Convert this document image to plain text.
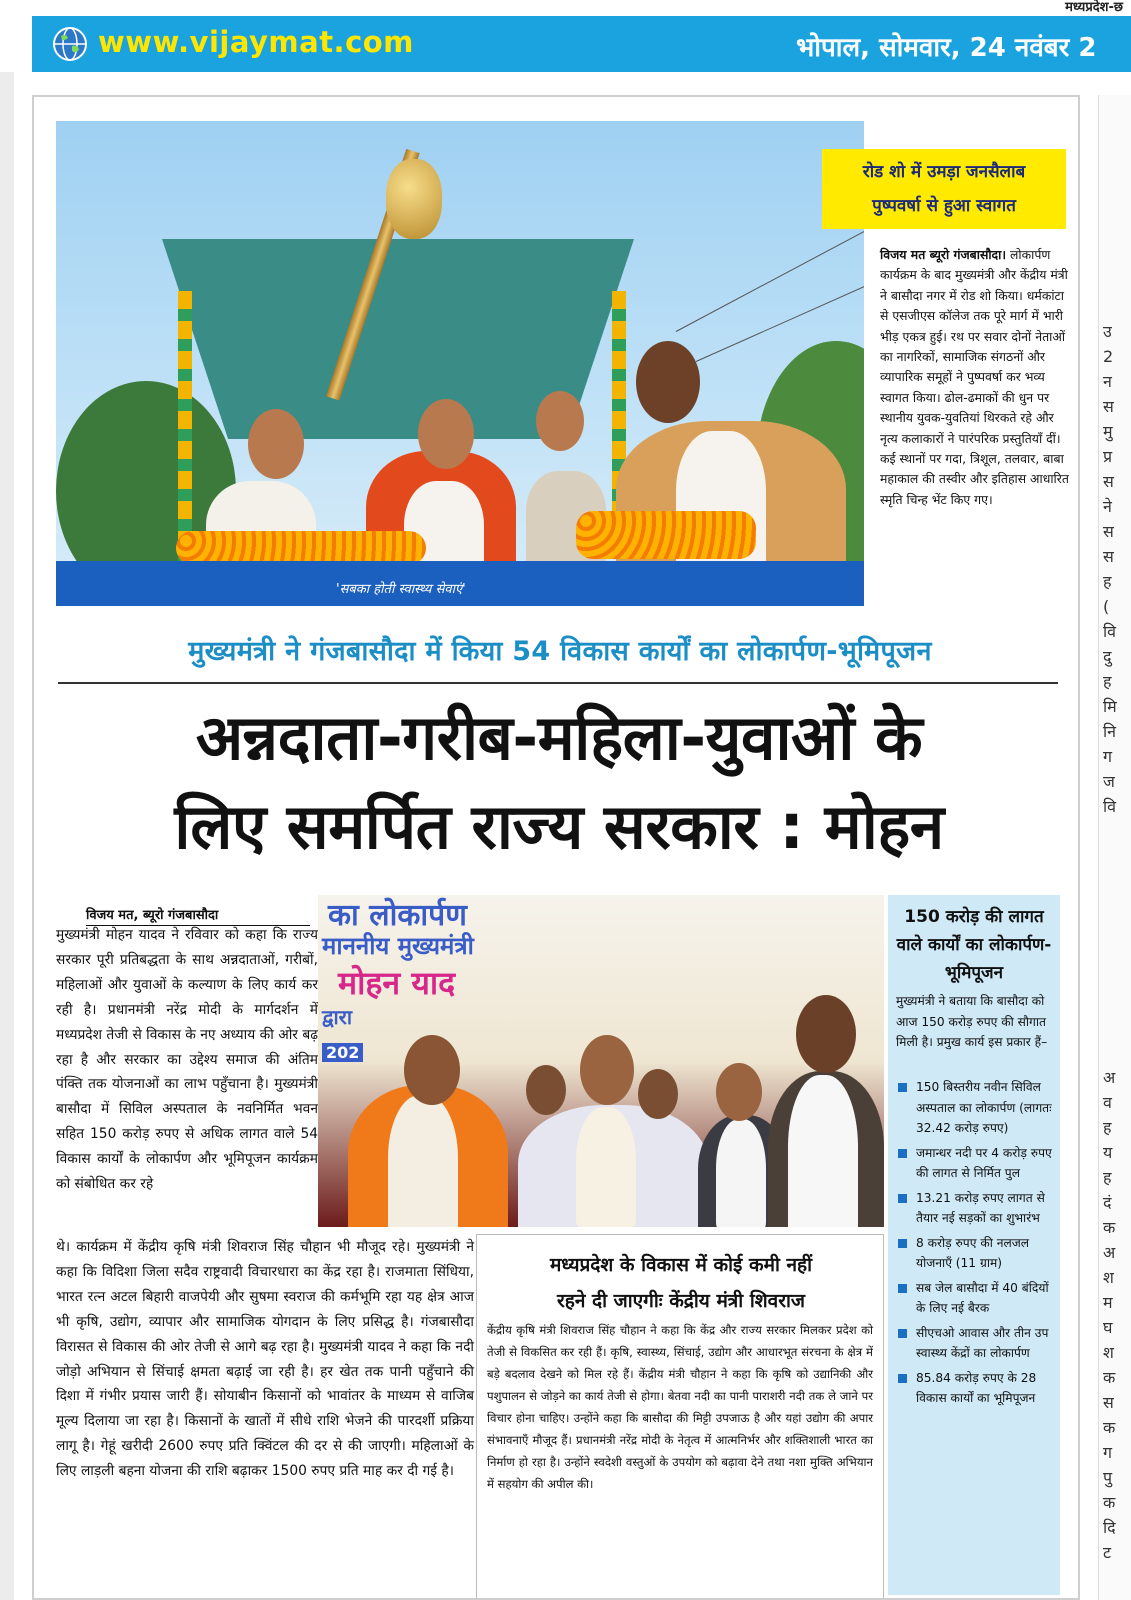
मध्यप्रदेश-छ
www.vijaymat.com	भोपाल, सोमवार, 24 नवंबर 2
उ
2
न
स
मु
प्र
स
ने
स
स
ह
(
वि
दु
ह
मि
नि
ग
ज
वि
अ
व
ह
य
ह
दं
क
अ
श
म
घ
श
क
स
क
ग
पु
क
दि
ट
'सबका होती स्वास्थ्य सेवाएं'
रोड शो में उमड़ा जनसैलाब
पुष्पवर्षा से हुआ स्वागत
विजय मत ब्यूरो गंजबासौदा। लोकार्पण कार्यक्रम के बाद मुख्यमंत्री और केंद्रीय मंत्री ने बासौदा नगर में रोड शो किया। धर्मकांटा से एसजीएस कॉलेज तक पूरे मार्ग में भारी भीड़ एकत्र हुई। रथ पर सवार दोनों नेताओं का नागरिकों, सामाजिक संगठनों और व्यापारिक समूहों ने पुष्पवर्षा कर भव्य स्वागत किया। ढोल-ढमाकों की धुन पर स्थानीय युवक-युवतियां थिरकते रहे और नृत्य कलाकारों ने पारंपरिक प्रस्तुतियाँ दीं। कई स्थानों पर गदा, त्रिशूल, तलवार, बाबा महाकाल की तस्वीर और इतिहास आधारित स्मृति चिन्ह भेंट किए गए।
मुख्यमंत्री ने गंजबासौदा में किया 54 विकास कार्यों का लोकार्पण-भूमिपूजन
अन्नदाता-गरीब-महिला-युवाओं के
लिए समर्पित राज्य सरकार : मोहन
विजय मत, ब्यूरो गंजबासौदा
मुख्यमंत्री मोहन यादव ने रविवार को कहा कि राज्य सरकार पूरी प्रतिबद्धता के साथ अन्नदाताओं, गरीबों, महिलाओं और युवाओं के कल्याण के लिए कार्य कर रही है। प्रधानमंत्री नरेंद्र मोदी के मार्गदर्शन में मध्यप्रदेश तेजी से विकास के नए अध्याय की ओर बढ़ रहा है और सरकार का उद्देश्य समाज की अंतिम पंक्ति तक योजनाओं का लाभ पहुँचाना है। मुख्यमंत्री बासौदा में सिविल अस्पताल के नवनिर्मित भवन सहित 150 करोड़ रुपए से अधिक लागत वाले 54 विकास कार्यों के लोकार्पण और भूमिपूजन कार्यक्रम को संबोधित कर रहे
थे। कार्यक्रम में केंद्रीय कृषि मंत्री शिवराज सिंह चौहान भी मौजूद रहे। मुख्यमंत्री ने कहा कि विदिशा जिला सदैव राष्ट्रवादी विचारधारा का केंद्र रहा है। राजमाता सिंधिया, भारत रत्न अटल बिहारी वाजपेयी और सुषमा स्वराज की कर्मभूमि रहा यह क्षेत्र आज भी कृषि, उद्योग, व्यापार और सामाजिक योगदान के लिए प्रसिद्ध है। गंजबासौदा विरासत से विकास की ओर तेजी से आगे बढ़ रहा है। मुख्यमंत्री यादव ने कहा कि नदी जोड़ो अभियान से सिंचाई क्षमता बढ़ाई जा रही है। हर खेत तक पानी पहुँचाने की दिशा में गंभीर प्रयास जारी हैं। सोयाबीन किसानों को भावांतर के माध्यम से वाजिब मूल्य दिलाया जा रहा है। किसानों के खातों में सीधे राशि भेजने की पारदर्शी प्रक्रिया लागू है। गेहूं खरीदी 2600 रुपए प्रति क्विंटल की दर से की जाएगी। महिलाओं के लिए लाड़ली बहना योजना की राशि बढ़ाकर 1500 रुपए प्रति माह कर दी गई है।
का लोकार्पण
माननीय मुख्यमंत्री
मोहन याद
द्वारा
202
मध्यप्रदेश के विकास में कोई कमी नहीं
रहने दी जाएगीः केंद्रीय मंत्री शिवराज
केंद्रीय कृषि मंत्री शिवराज सिंह चौहान ने कहा कि केंद्र और राज्य सरकार मिलकर प्रदेश को तेजी से विकसित कर रही हैं। कृषि, स्वास्थ्य, सिंचाई, उद्योग और आधारभूत संरचना के क्षेत्र में बड़े बदलाव देखने को मिल रहे हैं। केंद्रीय मंत्री चौहान ने कहा कि कृषि को उद्यानिकी और पशुपालन से जोड़ने का कार्य तेजी से होगा। बेतवा नदी का पानी पाराशरी नदी तक ले जाने पर विचार होना चाहिए। उन्होंने कहा कि बासौदा की मिट्टी उपजाऊ है और यहां उद्योग की अपार संभावनाएँ मौजूद हैं। प्रधानमंत्री नरेंद्र मोदी के नेतृत्व में आत्मनिर्भर और शक्तिशाली भारत का निर्माण हो रहा है। उन्होंने स्वदेशी वस्तुओं के उपयोग को बढ़ावा देने तथा नशा मुक्ति अभियान में सहयोग की अपील की।
150 करोड़ की लागत वाले कार्यों का लोकार्पण-भूमिपूजन
मुख्यमंत्री ने बताया कि बासौदा को आज 150 करोड़ रुपए की सौगात मिली है। प्रमुख कार्य इस प्रकार हैं–
150 बिस्तरीय नवीन सिविल अस्पताल का लोकार्पण (लागतः 32.42 करोड़ रुपए)
जमान्धर नदी पर 4 करोड़ रुपए की लागत से निर्मित पुल
13.21 करोड़ रुपए लागत से तैयार नई सड़कों का शुभारंभ
8 करोड़ रुपए की नलजल योजनाएँ (11 ग्राम)
सब जेल बासौदा में 40 बंदियों के लिए नई बैरक
सीएचओ आवास और तीन उप स्वास्थ्य केंद्रों का लोकार्पण
85.84 करोड़ रुपए के 28 विकास कार्यों का भूमिपूजन
